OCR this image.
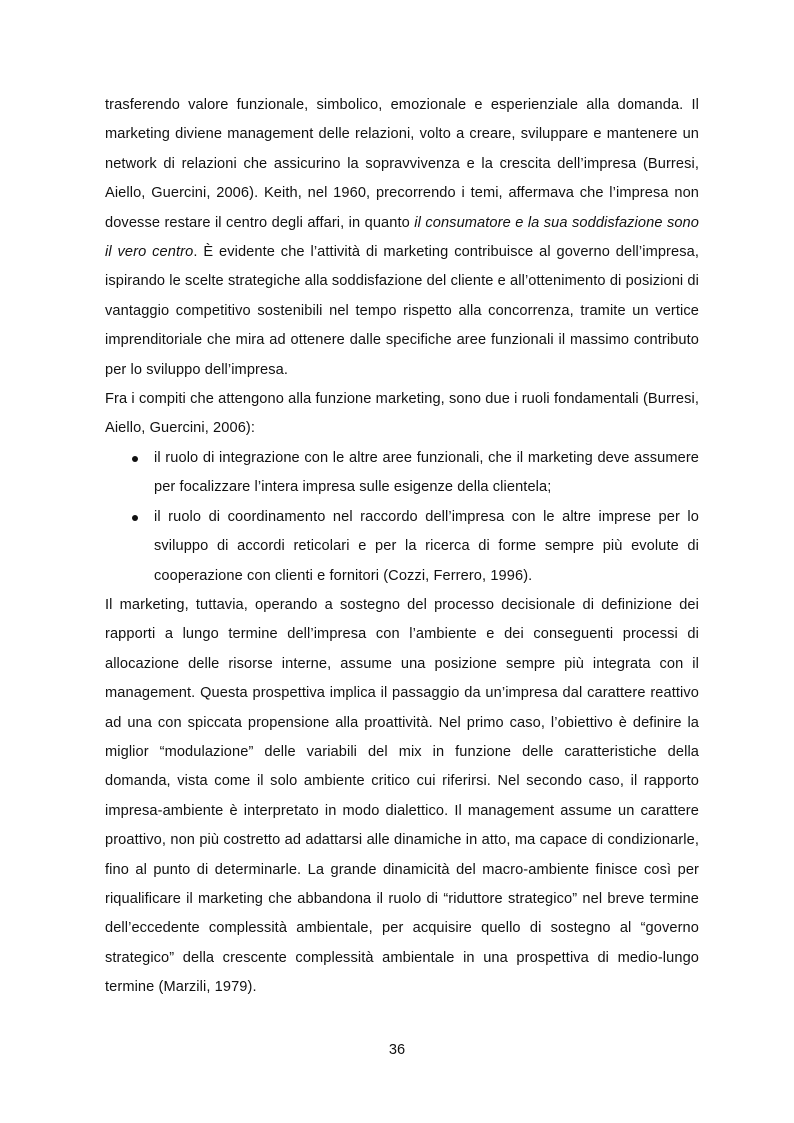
trasferendo valore funzionale, simbolico, emozionale e esperienziale alla domanda. Il marketing diviene management delle relazioni, volto a creare, sviluppare e mantenere un network di relazioni che assicurino la sopravvivenza e la crescita dell’impresa (Burresi, Aiello, Guercini, 2006). Keith, nel 1960, precorrendo i temi, affermava che l’impresa non dovesse restare il centro degli affari, in quanto il consumatore e la sua soddisfazione sono il vero centro. È evidente che l’attività di marketing contribuisce al governo dell’impresa, ispirando le scelte strategiche alla soddisfazione del cliente e all’ottenimento di posizioni di vantaggio competitivo sostenibili nel tempo rispetto alla concorrenza, tramite un vertice imprenditoriale che mira ad ottenere dalle specifiche aree funzionali il massimo contributo per lo sviluppo dell’impresa.

Fra i compiti che attengono alla funzione marketing, sono due i ruoli fondamentali (Burresi, Aiello, Guercini, 2006):

il ruolo di integrazione con le altre aree funzionali, che il marketing deve assumere per focalizzare l’intera impresa sulle esigenze della clientela;
il ruolo di coordinamento nel raccordo dell’impresa con le altre imprese per lo sviluppo di accordi reticolari e per la ricerca di forme sempre più evolute di cooperazione con clienti e fornitori (Cozzi, Ferrero, 1996).

Il marketing, tuttavia, operando a sostegno del processo decisionale di definizione dei rapporti a lungo termine dell’impresa con l’ambiente e dei conseguenti processi di allocazione delle risorse interne, assume una posizione sempre più integrata con il management. Questa prospettiva implica il passaggio da un’impresa dal carattere reattivo ad una con spiccata propensione alla proattività. Nel primo caso, l’obiettivo è definire la miglior “modulazione” delle variabili del mix in funzione delle caratteristiche della domanda, vista come il solo ambiente critico cui riferirsi. Nel secondo caso, il rapporto impresa-ambiente è interpretato in modo dialettico. Il management assume un carattere proattivo, non più costretto ad adattarsi alle dinamiche in atto, ma capace di condizionarle, fino al punto di determinarle. La grande dinamicità del macro-ambiente finisce così per riqualificare il marketing che abbandona il ruolo di “riduttore strategico” nel breve termine dell’eccedente complessità ambientale, per acquisire quello di sostegno al “governo strategico” della crescente complessità ambientale in una prospettiva di medio-lungo termine (Marzili, 1979).

36
